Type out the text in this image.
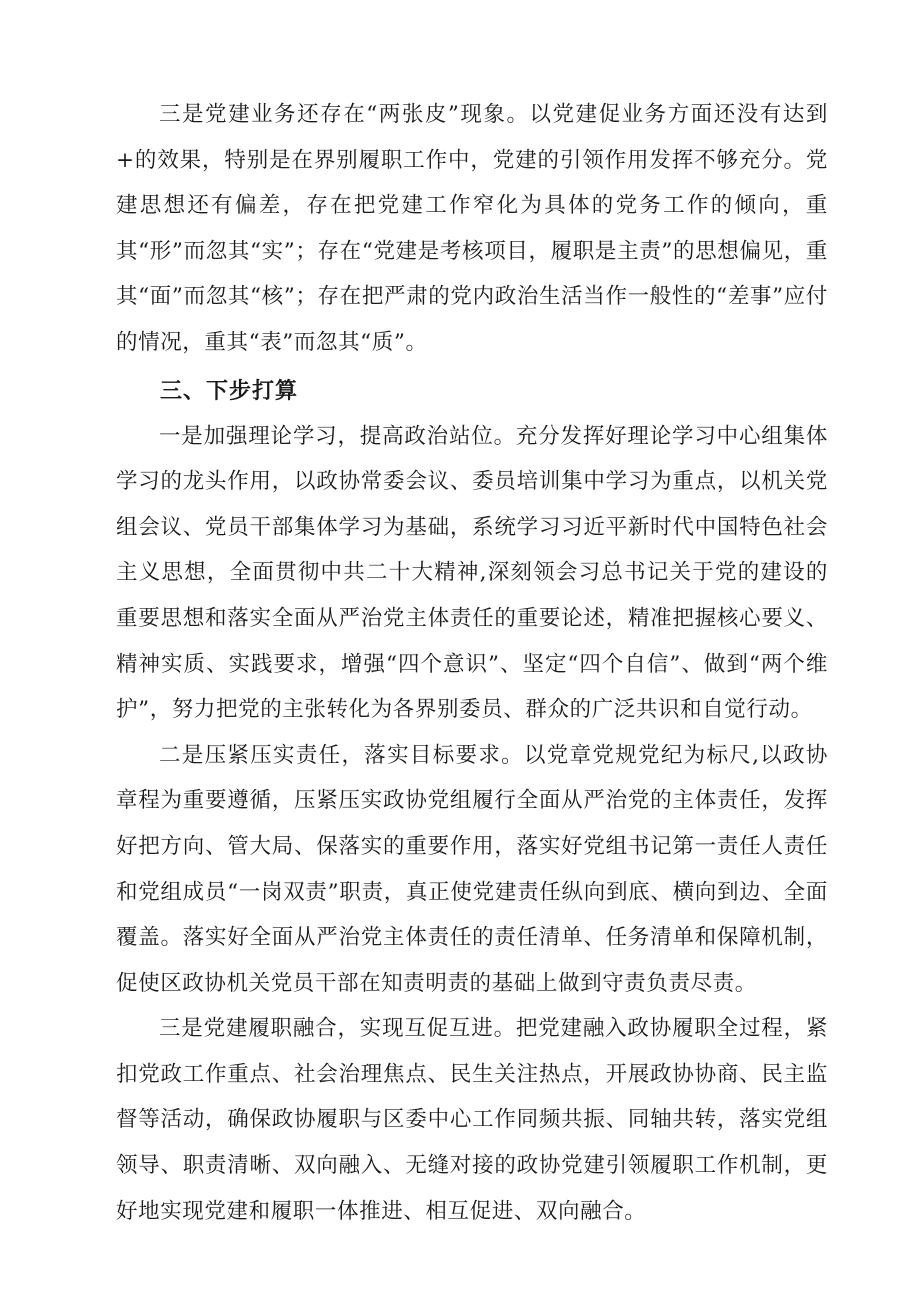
三是党建业务还存在“两张皮”现象。以党建促业务方面还没有达到+的效果，特别是在界别履职工作中，党建的引领作用发挥不够充分。党建思想还有偏差，存在把党建工作窄化为具体的党务工作的倾向，重其“形”而忽其“实”；存在“党建是考核项目，履职是主责”的思想偏见，重其“面”而忽其“核”；存在把严肃的党内政治生活当作一般性的“差事”应付的情况，重其“表”而忽其“质”。

三、下步打算

一是加强理论学习，提高政治站位。充分发挥好理论学习中心组集体学习的龙头作用，以政协常委会议、委员培训集中学习为重点，以机关党组会议、党员干部集体学习为基础，系统学习习近平新时代中国特色社会主义思想，全面贯彻中共二十大精神,深刻领会习总书记关于党的建设的重要思想和落实全面从严治党主体责任的重要论述，精准把握核心要义、精神实质、实践要求，增强“四个意识”、坚定“四个自信”、做到“两个维护”，努力把党的主张转化为各界别委员、群众的广泛共识和自觉行动。

二是压紧压实责任，落实目标要求。以党章党规党纪为标尺,以政协章程为重要遵循，压紧压实政协党组履行全面从严治党的主体责任，发挥好把方向、管大局、保落实的重要作用，落实好党组书记第一责任人责任和党组成员“一岗双责”职责，真正使党建责任纵向到底、横向到边、全面覆盖。落实好全面从严治党主体责任的责任清单、任务清单和保障机制，促使区政协机关党员干部在知责明责的基础上做到守责负责尽责。

三是党建履职融合，实现互促互进。把党建融入政协履职全过程，紧扣党政工作重点、社会治理焦点、民生关注热点，开展政协协商、民主监督等活动，确保政协履职与区委中心工作同频共振、同轴共转，落实党组领导、职责清晰、双向融入、无缝对接的政协党建引领履职工作机制，更好地实现党建和履职一体推进、相互促进、双向融合。
